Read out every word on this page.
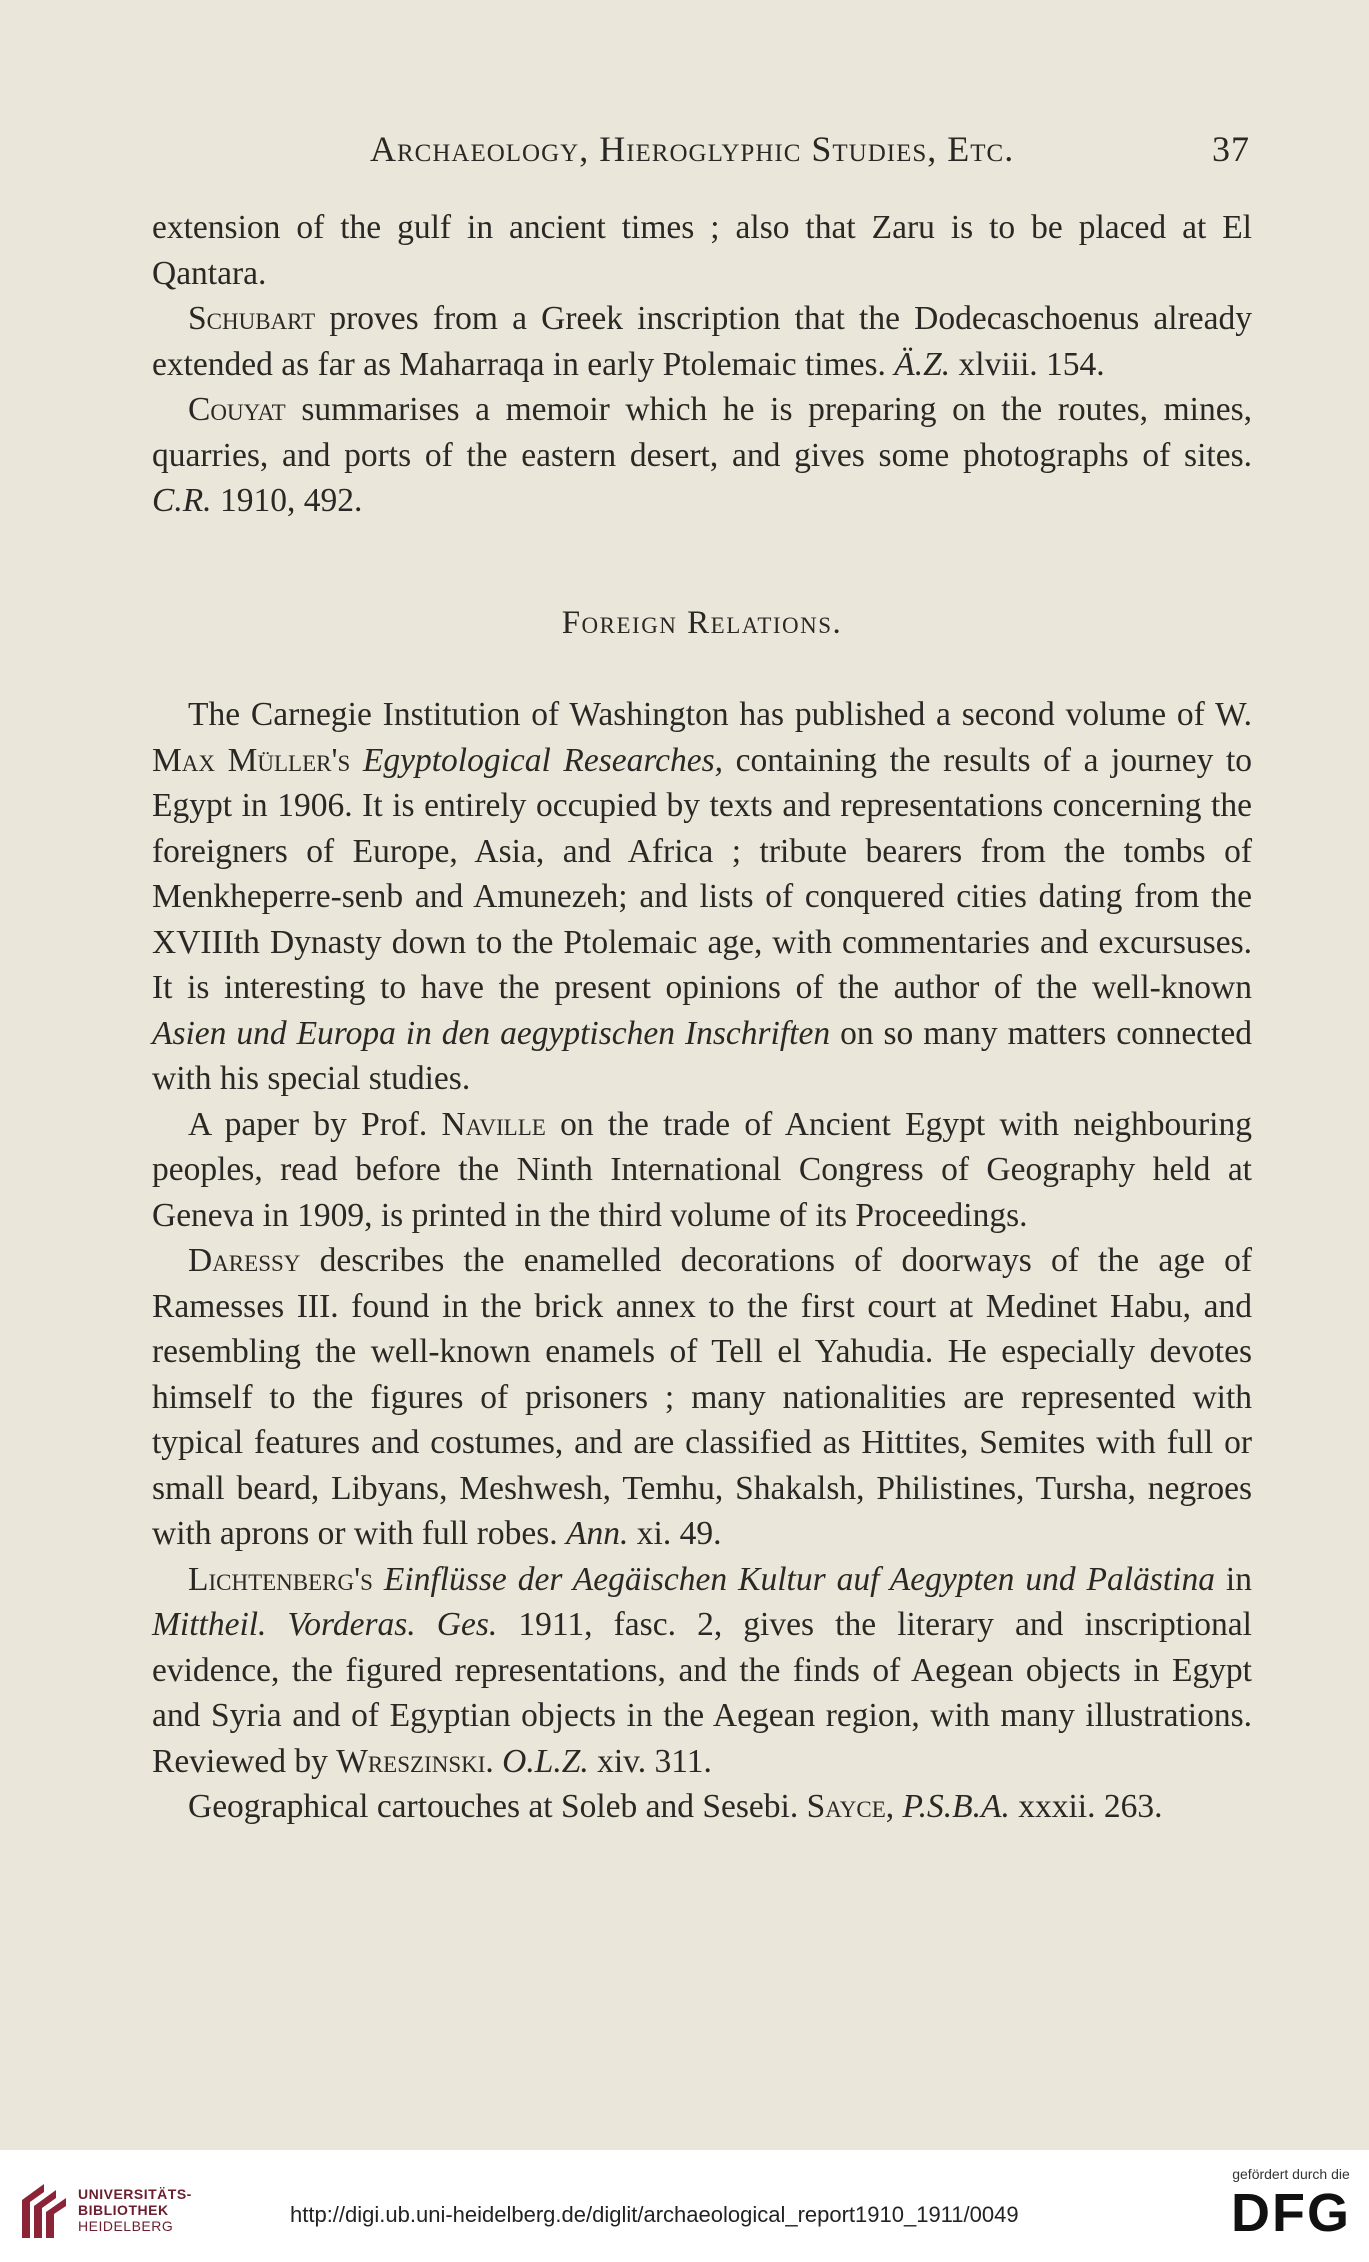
Archaeology, Hieroglyphic Studies, Etc.	37

extension of the gulf in ancient times ; also that Zaru is to be placed at El Qantara.

Schubart proves from a Greek inscription that the Dodecaschoenus already extended as far as Maharraqa in early Ptolemaic times. Ä.Z. xlviii. 154.

Couyat summarises a memoir which he is preparing on the routes, mines, quarries, and ports of the eastern desert, and gives some photographs of sites. C.R. 1910, 492.

Foreign Relations.

The Carnegie Institution of Washington has published a second volume of W. Max Müller's Egyptological Researches, containing the results of a journey to Egypt in 1906. It is entirely occupied by texts and representations concerning the foreigners of Europe, Asia, and Africa ; tribute bearers from the tombs of Menkheperre-senb and Amunezeh; and lists of conquered cities dating from the XVIIIth Dynasty down to the Ptolemaic age, with commentaries and excursuses. It is interesting to have the present opinions of the author of the well-known Asien und Europa in den aegyptischen Inschriften on so many matters connected with his special studies.

A paper by Prof. Naville on the trade of Ancient Egypt with neighbouring peoples, read before the Ninth International Congress of Geography held at Geneva in 1909, is printed in the third volume of its Proceedings.

Daressy describes the enamelled decorations of doorways of the age of Ramesses III. found in the brick annex to the first court at Medinet Habu, and resembling the well-known enamels of Tell el Yahudia. He especially devotes himself to the figures of prisoners ; many nationalities are represented with typical features and costumes, and are classified as Hittites, Semites with full or small beard, Libyans, Meshwesh, Temhu, Shakalsh, Philistines, Tursha, negroes with aprons or with full robes. Ann. xi. 49.

Lichtenberg's Einflüsse der Aegäischen Kultur auf Aegypten und Palästina in Mittheil. Vorderas. Ges. 1911, fasc. 2, gives the literary and inscriptional evidence, the figured representations, and the finds of Aegean objects in Egypt and Syria and of Egyptian objects in the Aegean region, with many illustrations. Reviewed by Wreszinski. O.L.Z. xiv. 311.

Geographical cartouches at Soleb and Sesebi. Sayce, P.S.B.A. xxxii. 263.

UNIVERSITÄTS-
BIBLIOTHEK
HEIDELBERG	http://digi.ub.uni-heidelberg.de/diglit/archaeological_report1910_1911/0049
gefördert durch die
DFG
